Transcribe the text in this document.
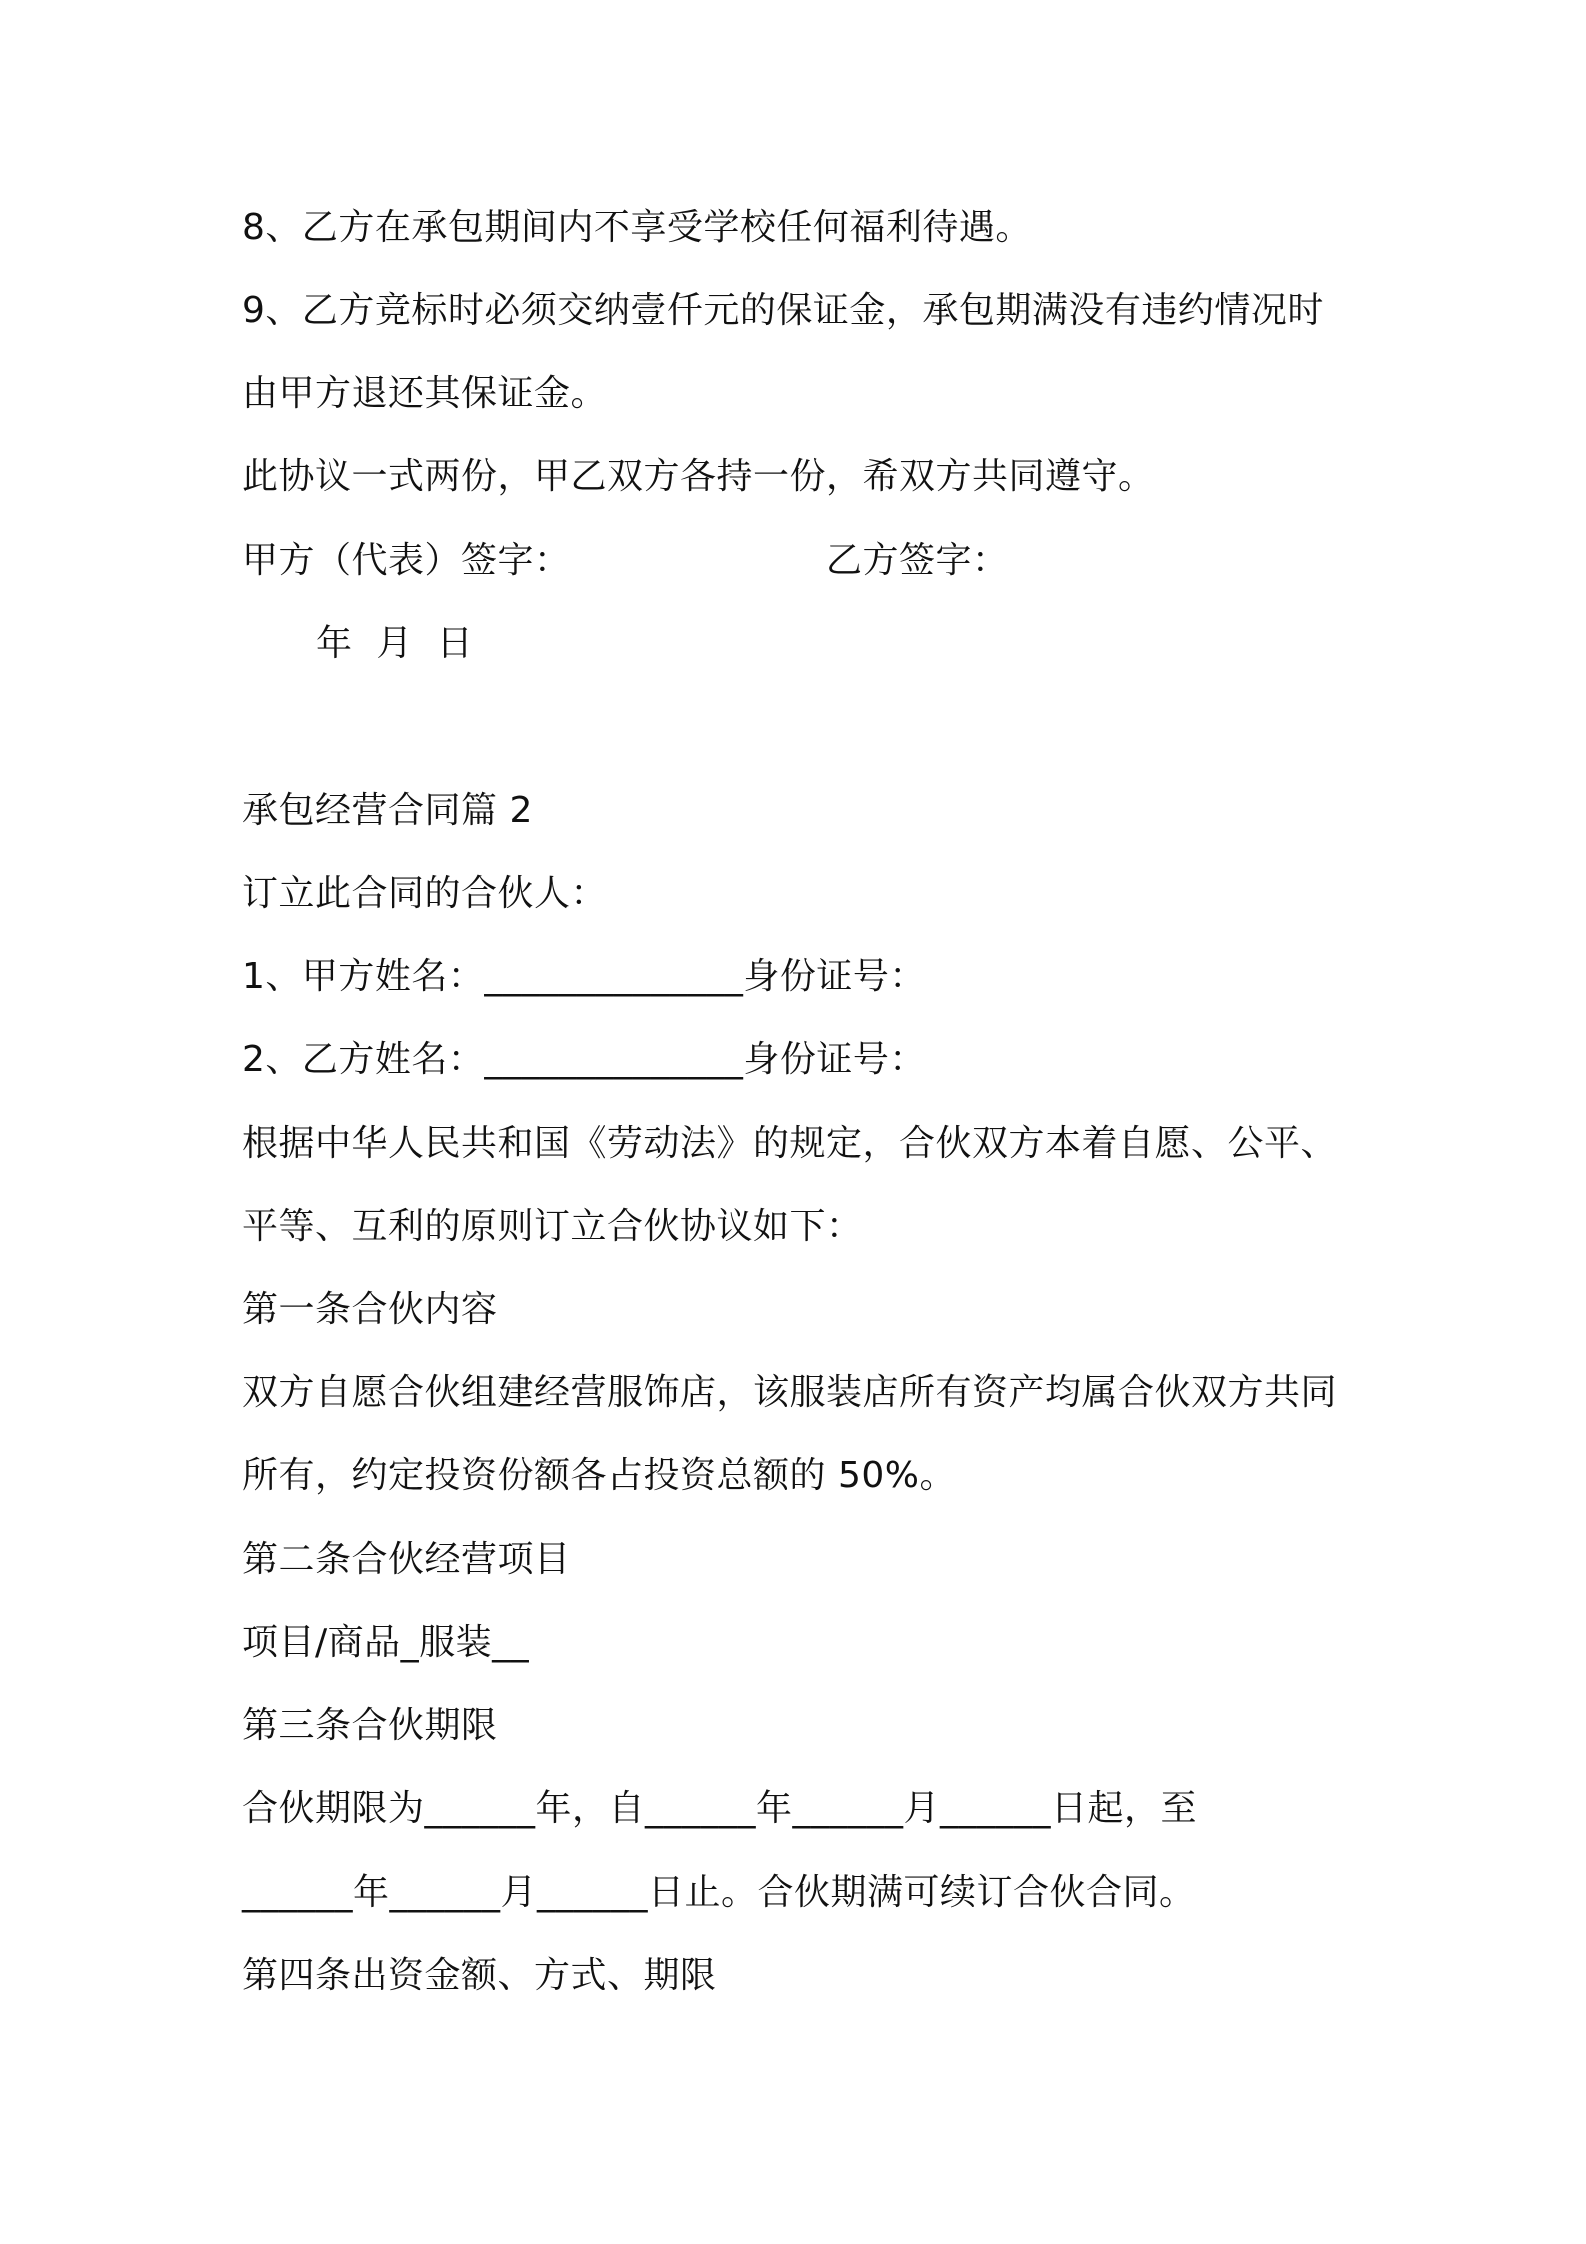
8、乙方在承包期间内不享受学校任何福利待遇。
9、乙方竞标时必须交纳壹仟元的保证金，承包期满没有违约情况时
由甲方退还其保证金。
此协议一式两份，甲乙双方各持一份，希双方共同遵守。
甲方（代表）签字：	乙方签字：
年  月  日
承包经营合同篇 2
订立此合同的合伙人：
1、甲方姓名：______________身份证号：
2、乙方姓名：______________身份证号：
根据中华人民共和国《劳动法》的规定，合伙双方本着自愿、公平、
平等、互利的原则订立合伙协议如下：
第一条合伙内容
双方自愿合伙组建经营服饰店，该服装店所有资产均属合伙双方共同
所有，约定投资份额各占投资总额的 50%。
第二条合伙经营项目
项目/商品_服装__
第三条合伙期限
合伙期限为______年，自______年______月______日起，至
______年______月______日止。合伙期满可续订合伙合同。
第四条出资金额、方式、期限
